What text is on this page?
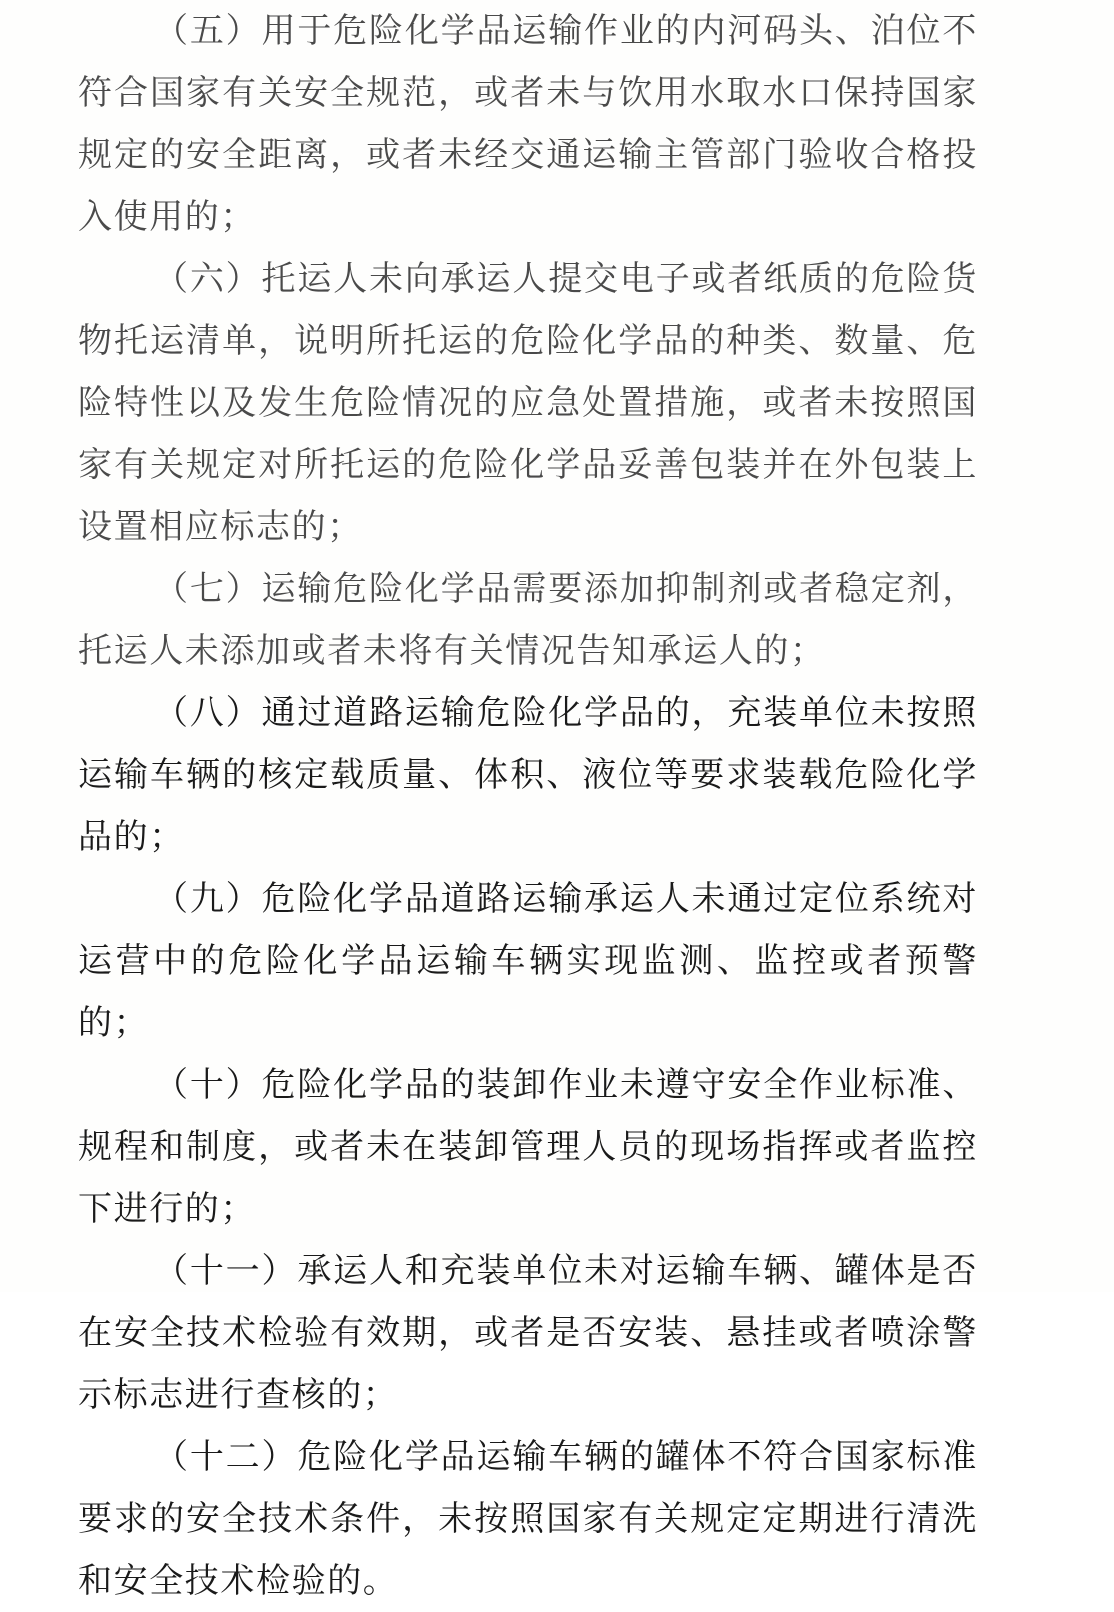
（五）用于危险化学品运输作业的内河码头、泊位不符合国家有关安全规范，或者未与饮用水取水口保持国家规定的安全距离，或者未经交通运输主管部门验收合格投入使用的；

（六）托运人未向承运人提交电子或者纸质的危险货物托运清单，说明所托运的危险化学品的种类、数量、危险特性以及发生危险情况的应急处置措施，或者未按照国家有关规定对所托运的危险化学品妥善包装并在外包装上设置相应标志的；

（七）运输危险化学品需要添加抑制剂或者稳定剂，托运人未添加或者未将有关情况告知承运人的；

（八）通过道路运输危险化学品的，充装单位未按照运输车辆的核定载质量、体积、液位等要求装载危险化学品的；

（九）危险化学品道路运输承运人未通过定位系统对运营中的危险化学品运输车辆实现监测、监控或者预警的；

（十）危险化学品的装卸作业未遵守安全作业标准、规程和制度，或者未在装卸管理人员的现场指挥或者监控下进行的；

（十一）承运人和充装单位未对运输车辆、罐体是否在安全技术检验有效期，或者是否安装、悬挂或者喷涂警示标志进行查核的；

（十二）危险化学品运输车辆的罐体不符合国家标准要求的安全技术条件，未按照国家有关规定定期进行清洗和安全技术检验的。
